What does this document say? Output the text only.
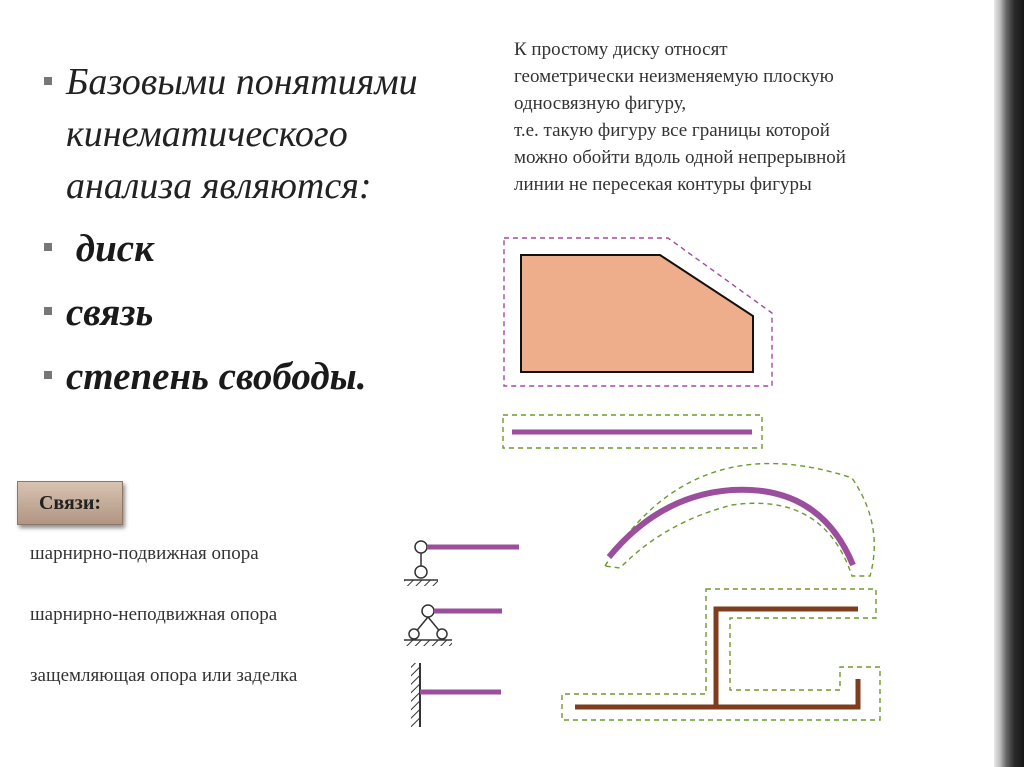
Базовыми понятиями кинематического анализа являются:
диск
связь
степень свободы.
К простому диску относят
геометрически неизменяемую плоскую
односвязную фигуру,
т.е. такую фигуру все границы которой
можно обойти вдоль одной непрерывной
линии не пересекая контуры фигуры
Связи:
шарнирно-подвижная опора
шарнирно-неподвижная опора
защемляющая опора или заделка
